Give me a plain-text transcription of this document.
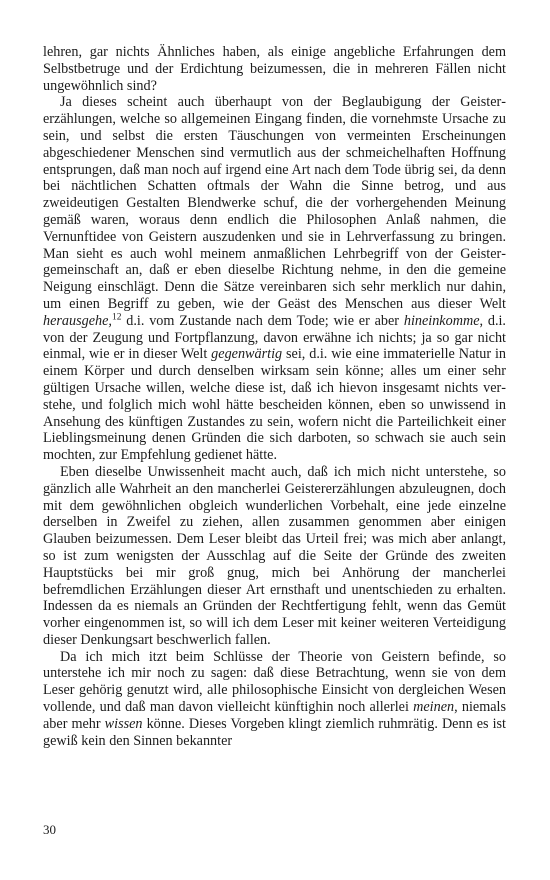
lehren, gar nichts Ähnliches haben, als einige angebliche Erfahrungen dem Selbstbetruge und der Erdichtung beizumessen, die in mehreren Fällen nicht ungewöhnlich sind?

Ja dieses scheint auch überhaupt von der Beglaubigung der Geistererzählungen, welche so allgemeinen Eingang finden, die vornehmste Ursache zu sein, und selbst die ersten Täuschungen von vermeinten Erscheinungen abgeschiedener Menschen sind vermutlich aus der schmeichelhaften Hoffnung entsprungen, daß man noch auf irgend eine Art nach dem Tode übrig sei, da denn bei nächtlichen Schatten oftmals der Wahn die Sinne betrog, und aus zweideutigen Gestalten Blendwerke schuf, die der vorhergehenden Meinung gemäß waren, woraus denn endlich die Philosophen Anlaß nahmen, die Vernunftidee von Geistern auszudenken und sie in Lehrverfassung zu bringen. Man sieht es auch wohl meinem anmaßlichen Lehrbegriff von der Geistergemeinschaft an, daß er eben dieselbe Richtung nehme, in den die gemeine Neigung einschlägt. Denn die Sätze vereinbaren sich sehr merklich nur dahin, um einen Begriff zu geben, wie der Geäst des Menschen aus dieser Welt herausgehe,$^{12}$ d.i. vom Zustande nach dem Tode; wie er aber hineinkomme, d.i. von der Zeugung und Fortpflanzung, davon erwähne ich nichts; ja so gar nicht einmal, wie er in dieser Welt gegenwärtig sei, d.i. wie eine immaterielle Natur in einem Körper und durch denselben wirksam sein könne; alles um einer sehr gültigen Ursache willen, welche diese ist, daß ich hievon insgesamt nichts verstehe, und folglich mich wohl hätte bescheiden können, eben so unwissend in Ansehung des künftigen Zustandes zu sein, wofern nicht die Parteilichkeit einer Lieblingsmeinung denen Gründen die sich darboten, so schwach sie auch sein mochten, zur Empfehlung gedienet hätte.

Eben dieselbe Unwissenheit macht auch, daß ich mich nicht unterstehe, so gänzlich alle Wahrheit an den mancherlei Geistererzählungen abzuleugnen, doch mit dem gewöhnlichen obgleich wunderlichen Vorbehalt, eine jede einzelne derselben in Zweifel zu ziehen, allen zusammen genommen aber einigen Glauben beizumessen. Dem Leser bleibt das Urteil frei; was mich aber anlangt, so ist zum wenigsten der Ausschlag auf die Seite der Gründe des zweiten Hauptstücks bei mir groß gnug, mich bei Anhörung der mancherlei befremdlichen Erzählungen dieser Art ernsthaft und unentschieden zu erhalten. Indessen da es niemals an Gründen der Rechtfertigung fehlt, wenn das Gemüt vorher eingenommen ist, so will ich dem Leser mit keiner weiteren Verteidigung dieser Denkungsart beschwerlich fallen.

Da ich mich itzt beim Schlüsse der Theorie von Geistern befinde, so unterstehe ich mir noch zu sagen: daß diese Betrachtung, wenn sie von dem Leser gehörig genutzt wird, alle philosophische Einsicht von dergleichen Wesen vollende, und daß man davon vielleicht künftighin noch allerlei meinen, niemals aber mehr wissen könne. Dieses Vorgeben klingt ziemlich ruhmrätig. Denn es ist gewiß kein den Sinnen bekannter

30
